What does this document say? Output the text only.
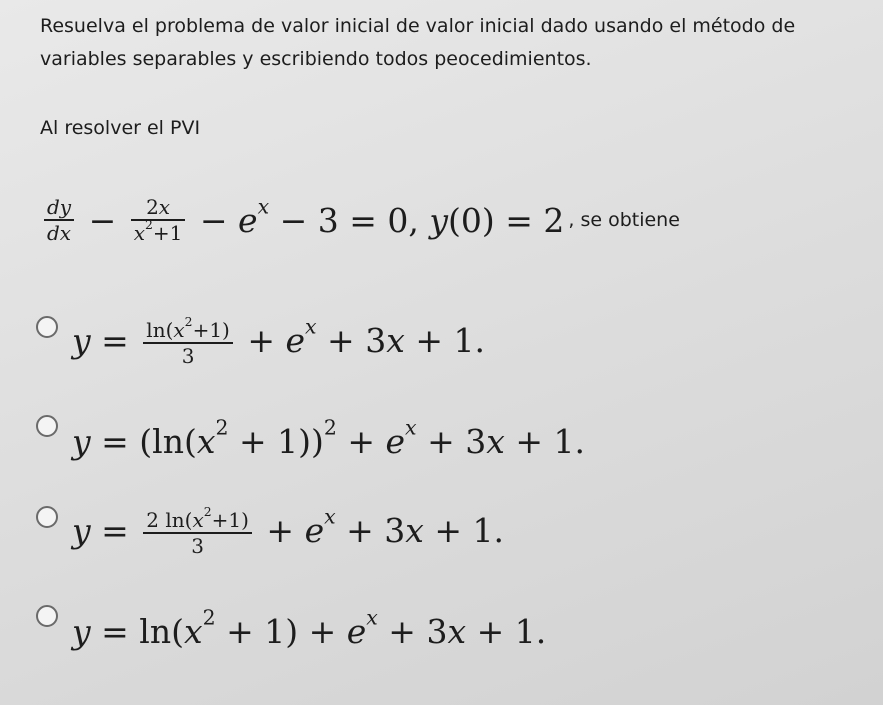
Resuelva el problema de valor inicial de valor inicial dado usando el método de variables separables y escribiendo todos peocedimientos.
Al resolver el PVI
$\frac{dy}{dx} - \frac{2x}{x^2+1} - e^x - 3 = 0$, y(0) = 2 , se obtiene
$y = \frac{\ln(x^2+1)}{3} + e^x + 3x + 1$.
$y = (\ln(x^2 + 1))^2 + e^x + 3x + 1$.
$y = \frac{2 \ln(x^2+1)}{3} + e^x + 3x + 1$.
$y = \ln(x^2 + 1) + e^x + 3x + 1$.
